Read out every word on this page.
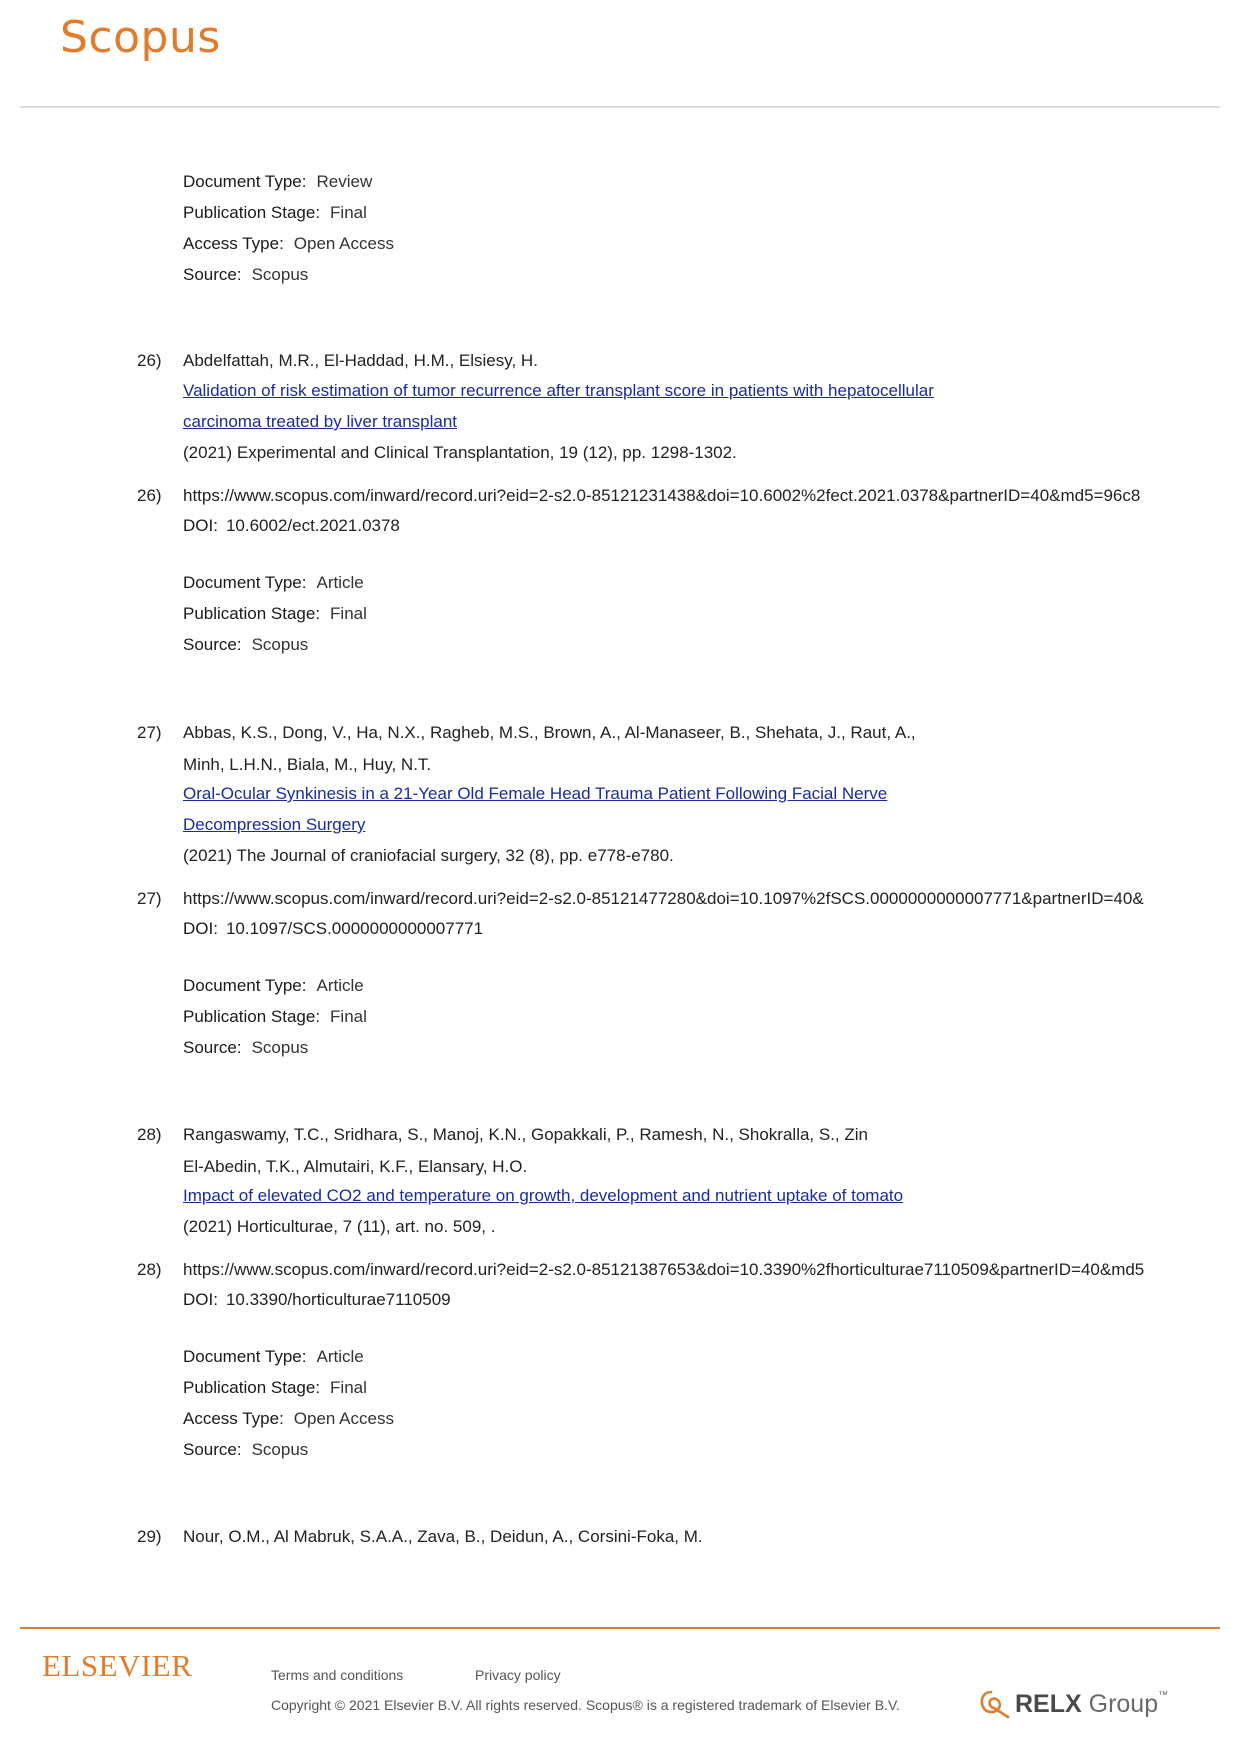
Scopus
Document Type: Review
Publication Stage: Final
Access Type: Open Access
Source: Scopus
26)	Abdelfattah, M.R., El-Haddad, H.M., Elsiesy, H.
Validation of risk estimation of tumor recurrence after transplant score in patients with hepatocellular
carcinoma treated by liver transplant
(2021) Experimental and Clinical Transplantation, 19 (12), pp. 1298-1302.
26)	https://www.scopus.com/inward/record.uri?eid=2-s2.0-85121231438&doi=10.6002%2fect.2021.0378&partnerID=40&md5=96c8
DOI: 10.6002/ect.2021.0378
Document Type: Article
Publication Stage: Final
Source: Scopus
27)	Abbas, K.S., Dong, V., Ha, N.X., Ragheb, M.S., Brown, A., Al-Manaseer, B., Shehata, J., Raut, A.,
Minh, L.H.N., Biala, M., Huy, N.T.
Oral-Ocular Synkinesis in a 21-Year Old Female Head Trauma Patient Following Facial Nerve
Decompression Surgery
(2021) The Journal of craniofacial surgery, 32 (8), pp. e778-e780.
27)	https://www.scopus.com/inward/record.uri?eid=2-s2.0-85121477280&doi=10.1097%2fSCS.0000000000007771&partnerID=40&
DOI: 10.1097/SCS.0000000000007771
Document Type: Article
Publication Stage: Final
Source: Scopus
28)	Rangaswamy, T.C., Sridhara, S., Manoj, K.N., Gopakkali, P., Ramesh, N., Shokralla, S., Zin
El-Abedin, T.K., Almutairi, K.F., Elansary, H.O.
Impact of elevated CO2 and temperature on growth, development and nutrient uptake of tomato
(2021) Horticulturae, 7 (11), art. no. 509, .
28)	https://www.scopus.com/inward/record.uri?eid=2-s2.0-85121387653&doi=10.3390%2fhorticulturae7110509&partnerID=40&md5
DOI: 10.3390/horticulturae7110509
Document Type: Article
Publication Stage: Final
Access Type: Open Access
Source: Scopus
29)	Nour, O.M., Al Mabruk, S.A.A., Zava, B., Deidun, A., Corsini-Foka, M.
ELSEVIER	Terms and conditions	Privacy policy
Copyright © 2021 Elsevier B.V. All rights reserved. Scopus® is a registered trademark of Elsevier B.V.	RELX Group™
